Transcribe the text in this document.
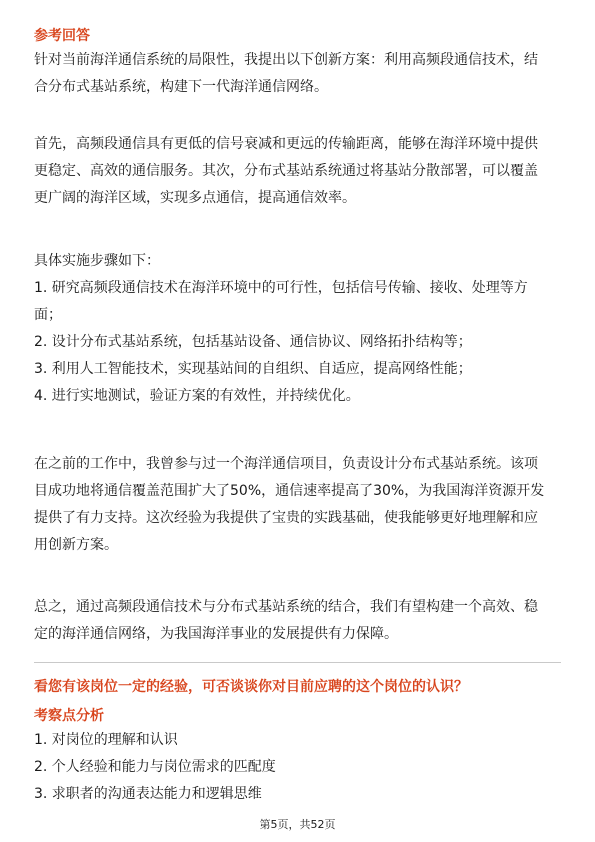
参考回答
针对当前海洋通信系统的局限性，我提出以下创新方案：利用高频段通信技术，结
合分布式基站系统，构建下一代海洋通信网络。
首先，高频段通信具有更低的信号衰减和更远的传输距离，能够在海洋环境中提供
更稳定、高效的通信服务。其次，分布式基站系统通过将基站分散部署，可以覆盖
更广阔的海洋区域，实现多点通信，提高通信效率。
具体实施步骤如下：
1. 研究高频段通信技术在海洋环境中的可行性，包括信号传输、接收、处理等方
面；
2. 设计分布式基站系统，包括基站设备、通信协议、网络拓扑结构等；
3. 利用人工智能技术，实现基站间的自组织、自适应，提高网络性能；
4. 进行实地测试，验证方案的有效性，并持续优化。
在之前的工作中，我曾参与过一个海洋通信项目，负责设计分布式基站系统。该项
目成功地将通信覆盖范围扩大了50%，通信速率提高了30%，为我国海洋资源开发
提供了有力支持。这次经验为我提供了宝贵的实践基础，使我能够更好地理解和应
用创新方案。
总之，通过高频段通信技术与分布式基站系统的结合，我们有望构建一个高效、稳
定的海洋通信网络，为我国海洋事业的发展提供有力保障。
看您有该岗位一定的经验，可否谈谈你对目前应聘的这个岗位的认识？
考察点分析
1. 对岗位的理解和认识
2. 个人经验和能力与岗位需求的匹配度
3. 求职者的沟通表达能力和逻辑思维
第5页，共52页
